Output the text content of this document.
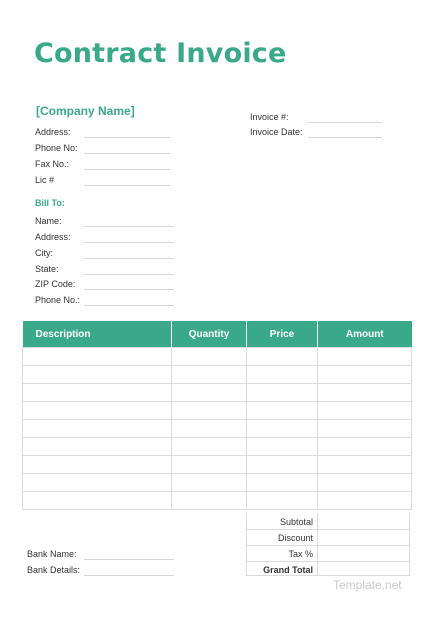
Contract Invoice
[Company Name]
Address:
Phone No:
Fax No.:
Lic #
Invoice #:
Invoice Date:
Bill To:
Name:
Address:
City:
State:
ZIP Code:
Phone No.:
Description	Quantity	Price	Amount

Subtotal
Discount
Tax %
Grand Total
Bank Name:
Bank Details:
Template.net
